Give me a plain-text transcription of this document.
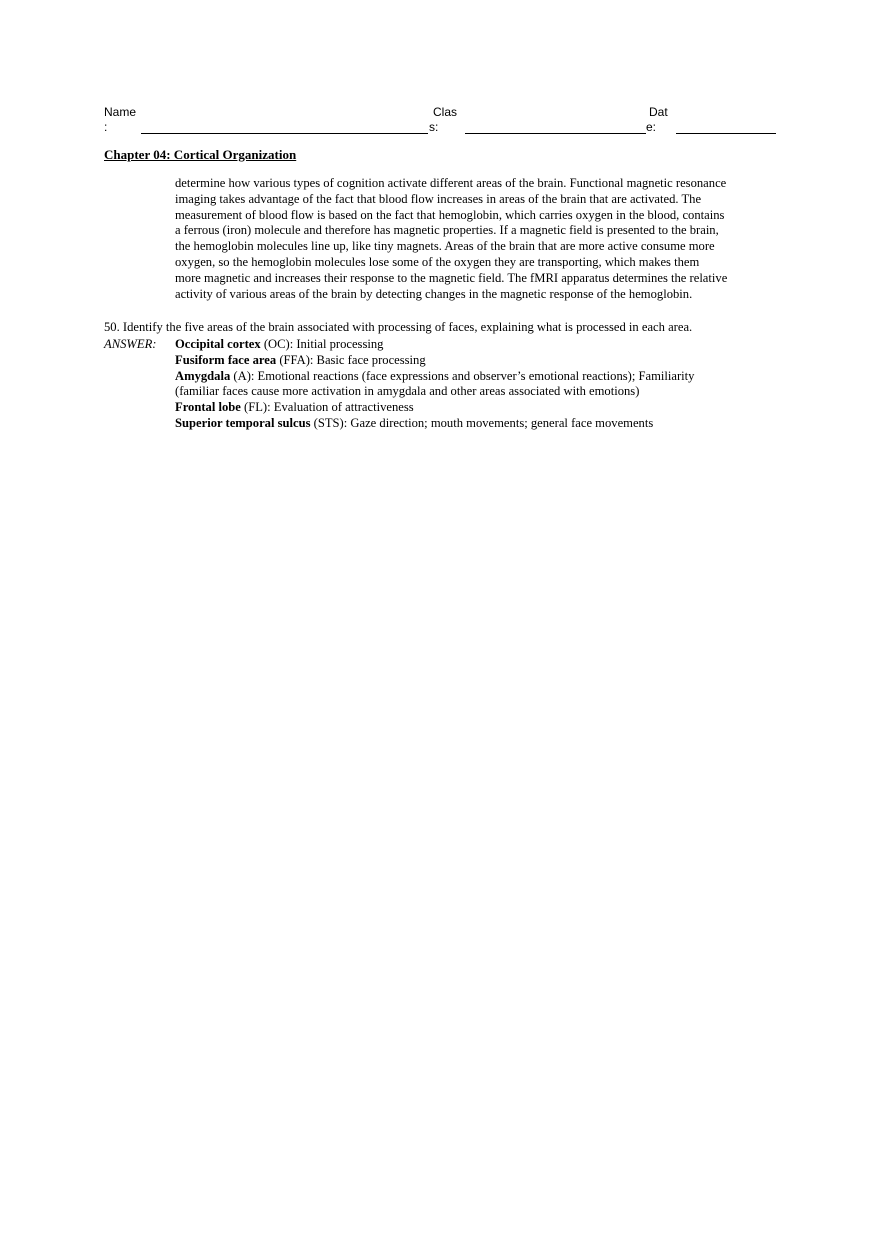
Name
:
Clas
s:
Dat
e:
Chapter 04: Cortical Organization

determine how various types of cognition activate different areas of the brain. Functional magnetic resonance
imaging takes advantage of the fact that blood flow increases in areas of the brain that are activated. The
measurement of blood flow is based on the fact that hemoglobin, which carries oxygen in the blood, contains
a ferrous (iron) molecule and therefore has magnetic properties. If a magnetic field is presented to the brain,
the hemoglobin molecules line up, like tiny magnets. Areas of the brain that are more active consume more
oxygen, so the hemoglobin molecules lose some of the oxygen they are transporting, which makes them
more magnetic and increases their response to the magnetic field. The fMRI apparatus determines the relative
activity of various areas of the brain by detecting changes in the magnetic response of the hemoglobin.

50. Identify the five areas of the brain associated with processing of faces, explaining what is processed in each area.
ANSWER: Occipital cortex (OC): Initial processing
Fusiform face area (FFA): Basic face processing
Amygdala (A): Emotional reactions (face expressions and observer’s emotional reactions); Familiarity
(familiar faces cause more activation in amygdala and other areas associated with emotions)
Frontal lobe (FL): Evaluation of attractiveness
Superior temporal sulcus (STS): Gaze direction; mouth movements; general face movements
